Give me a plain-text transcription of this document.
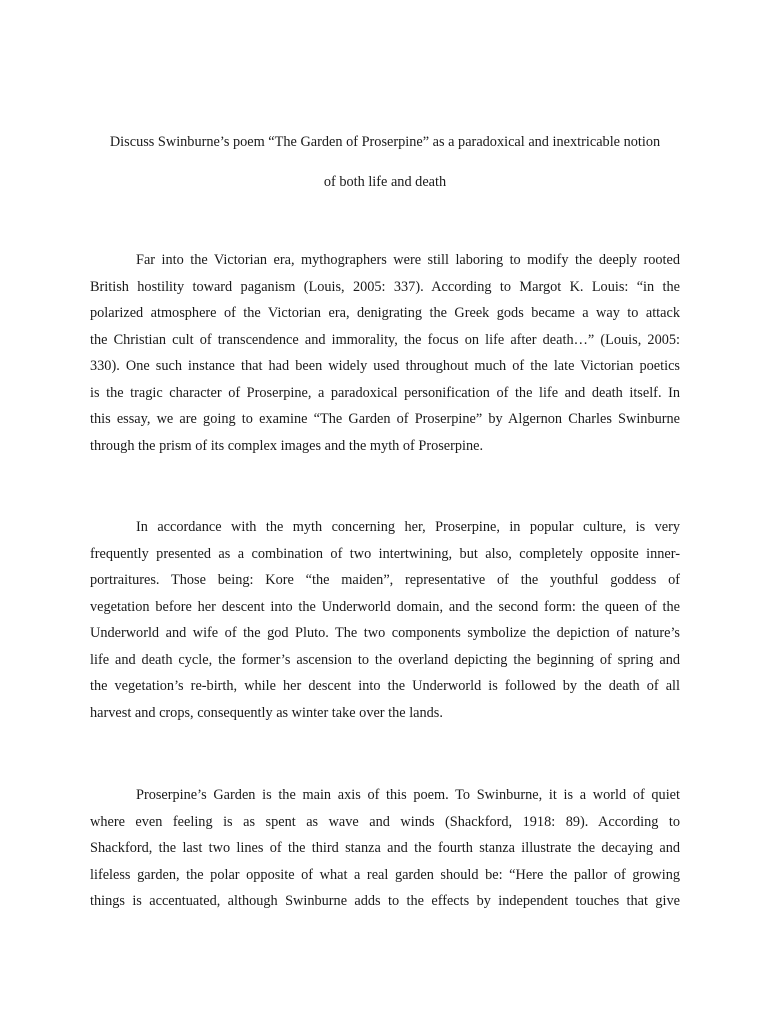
Discuss Swinburne’s poem “The Garden of Proserpine” as a paradoxical and inextricable notion
of both life and death
Far into the Victorian era, mythographers were still laboring to modify the deeply rooted
British hostility toward paganism (Louis, 2005: 337). According to Margot K. Louis: “in the
polarized atmosphere of the Victorian era, denigrating the Greek gods became a way to attack
the Christian cult of transcendence and immorality, the focus on life after death…” (Louis, 2005:
330). One such instance that had been widely used throughout much of the late Victorian poetics
is the tragic character of Proserpine, a paradoxical personification of the life and death itself. In
this essay, we are going to examine “The Garden of Proserpine” by Algernon Charles Swinburne
through the prism of its complex images and the myth of Proserpine.
In accordance with the myth concerning her, Proserpine, in popular culture, is very
frequently presented as a combination of two intertwining, but also, completely opposite inner-
portraitures. Those being: Kore “the maiden”, representative of the youthful goddess of
vegetation before her descent into the Underworld domain, and the second form: the queen of the
Underworld and wife of the god Pluto. The two components symbolize the depiction of nature’s
life and death cycle, the former’s ascension to the overland depicting the beginning of spring and
the vegetation’s re-birth, while her descent into the Underworld is followed by the death of all
harvest and crops, consequently as winter take over the lands.
Proserpine’s Garden is the main axis of this poem. To Swinburne, it is a world of quiet
where even feeling is as spent as wave and winds (Shackford, 1918: 89). According to
Shackford, the last two lines of the third stanza and the fourth stanza illustrate the decaying and
lifeless garden, the polar opposite of what a real garden should be: “Here the pallor of growing
things is accentuated, although Swinburne adds to the effects by independent touches that give
